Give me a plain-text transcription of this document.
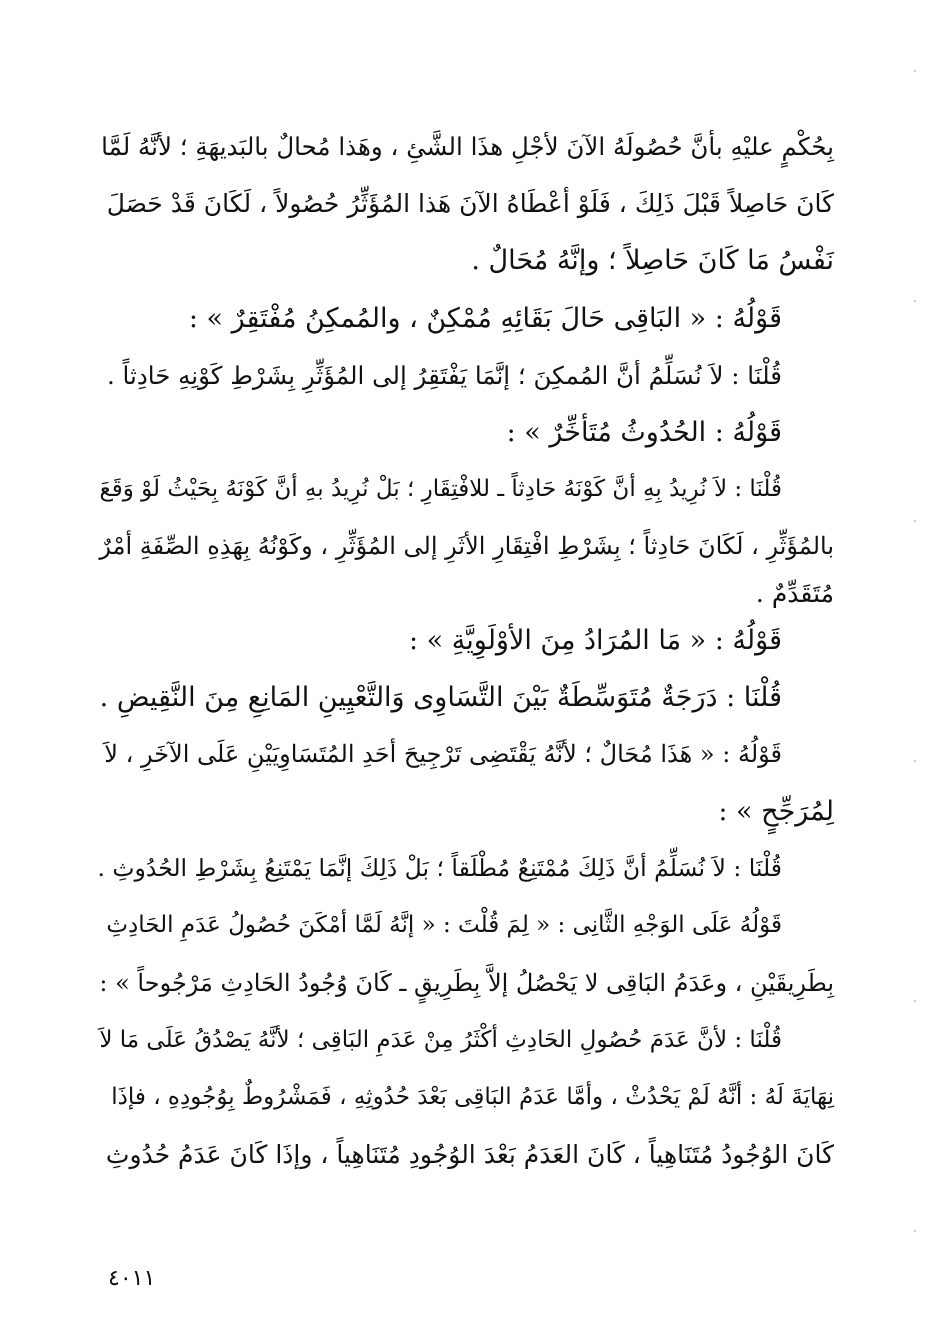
بِحُكْمٍ عليْهِ بأنَّ حُصُولَهُ الآنَ لأجْلِ هذَا الشَّئِ ، وهَذا مُحالٌ بالبَديهَةِ ؛ لأنَّهُ لَمَّا
كَانَ حَاصِلاً قَبْلَ ذَلِكَ ، فَلَوْ أعْطَاهُ الآنَ هَذا المُؤَثِّرُ حُصُولاً ، لَكَانَ قَدْ حَصَلَ
نَفْسُ مَا كَانَ حَاصِلاً ؛ وإنَّهُ مُحَالٌ .
قَوْلُهُ : « البَاقِى حَالَ بَقَائِهِ مُمْكِنٌ ، والمُمكِنُ مُفْتَقِرٌ » :
قُلْنَا : لاَ نُسَلِّمُ أنَّ المُمكِنَ ؛ إنَّمَا يَفْتَقِرُ إلى المُؤَثِّرِ بِشَرْطِ كَوْنِهِ حَادِثاً .
قَوْلُهُ : الحُدُوثُ مُتَأخِّرٌ » :
قُلْنَا : لاَ نُرِيدُ بِهِ أنَّ كَوْنَهُ حَادِثاً ـ للافْتِقَارِ ؛ بَلْ نُرِيدُ بهِ أنَّ كَوْنَهُ بِحَيْثُ لَوْ وَقَعَ
بالمُؤَثِّرِ ، لَكَانَ حَادِثاً ؛ بِشَرْطِ افْتِقَارِ الأثَرِ إلى المُؤَثِّرِ ، وكَوْنُهُ بِهَذِهِ الصِّفَةِ أمْرٌ
مُتَقَدِّمٌ .
قَوْلُهُ : « مَا المُرَادُ مِنَ الأوْلَوِيَّةِ » :
قُلْنَا : دَرَجَةٌ مُتَوَسِّطَةٌ بَيْنَ التَّسَاوِى وَالتَّعْيِينِ المَانِعِ مِنَ النَّقِيضِ .
قَوْلُهُ : « هَذَا مُحَالٌ ؛ لأنَّهُ يَقْتَضِى تَرْجِيحَ أحَدِ المُتَسَاوِيَيْنِ عَلَى الآخَرِ ، لاَ
لِمُرَجِّحٍ » :
قُلْنَا : لاَ نُسَلِّمُ أنَّ ذَلِكَ مُمْتَنِعٌ مُطْلَقاً ؛ بَلْ ذَلِكَ إنَّمَا يَمْتَنِعُ بِشَرْطِ الحُدُوثِ .
قَوْلُهُ عَلَى الوَجْهِ الثَّانِى : « لِمَ قُلْتَ : « إنَّهُ لَمَّا أمْكَنَ حُصُولُ عَدَمِ الحَادِثِ
بِطَرِيقَيْنِ ، وعَدَمُ البَاقِى لا يَحْصُلُ إلاَّ بِطَرِيقٍ ـ كَانَ وُجُودُ الحَادِثِ مَرْجُوحاً » :
قُلْنَا : لأنَّ عَدَمَ حُصُولِ الحَادِثِ أكْثَرُ مِنْ عَدَمِ البَاقِى ؛ لأنَّهُ يَصْدُقُ عَلَى مَا لاَ
نِهَايَةَ لَهُ : أنَّهُ لَمْ يَحْدُثْ ، وأمَّا عَدَمُ البَاقِى بَعْدَ حُدُوثِهِ ، فَمَشْرُوطٌ بِوُجُودِهِ ، فإذَا
كَانَ الوُجُودُ مُتَنَاهِياً ، كَانَ العَدَمُ بَعْدَ الوُجُودِ مُتَنَاهِياً ، وإذَا كَانَ عَدَمُ حُدُوثِ
٤٠١١
